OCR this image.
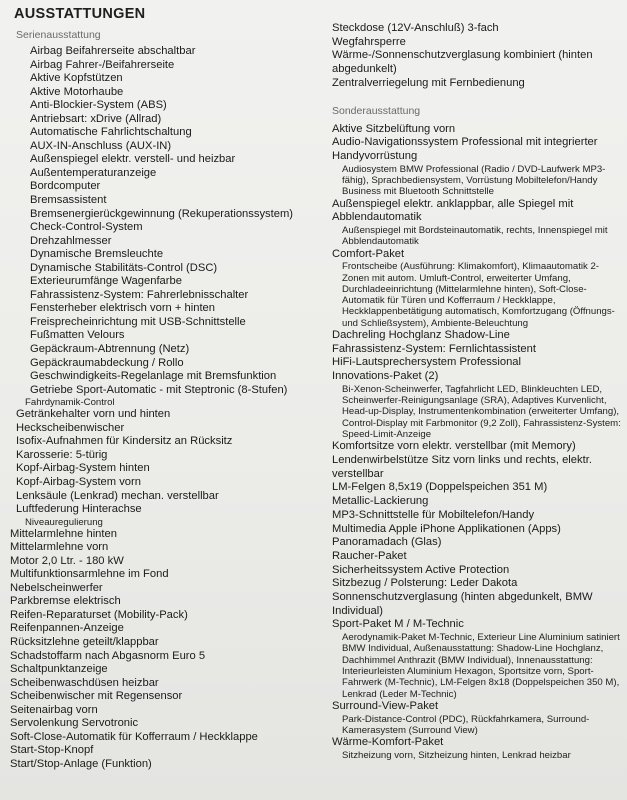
AUSSTATTUNGEN
Serienausstattung
Airbag Beifahrerseite abschaltbar
Airbag Fahrer-/Beifahrerseite
Aktive Kopfstützen
Aktive Motorhaube
Anti-Blockier-System (ABS)
Antriebsart: xDrive (Allrad)
Automatische Fahrlichtschaltung
AUX-IN-Anschluss (AUX-IN)
Außenspiegel elektr. verstell- und heizbar
Außentemperaturanzeige
Bordcomputer
Bremsassistent
Bremsenergierückgewinnung (Rekuperationssystem)
Check-Control-System
Drehzahlmesser
Dynamische Bremsleuchte
Dynamische Stabilitäts-Control (DSC)
Exterieurumfänge Wagenfarbe
Fahrassistenz-System: Fahrerlebnisschalter
Fensterheber elektrisch vorn + hinten
Freisprecheinrichtung mit USB-Schnittstelle
Fußmatten Velours
Gepäckraum-Abtrennung (Netz)
Gepäckraumabdeckung / Rollo
Geschwindigkeits-Regelanlage mit Bremsfunktion
Getriebe Sport-Automatic - mit Steptronic (8-Stufen)
Fahrdynamik-Control
Getränkehalter vorn und hinten
Heckscheibenwischer
Isofix-Aufnahmen für Kindersitz an Rücksitz
Karosserie: 5-türig
Kopf-Airbag-System hinten
Kopf-Airbag-System vorn
Lenksäule (Lenkrad) mechan. verstellbar
Luftfederung Hinterachse
Niveauregulierung
Mittelarmlehne hinten
Mittelarmlehne vorn
Motor 2,0 Ltr. - 180 kW
Multifunktionsarmlehne im Fond
Nebelscheinwerfer
Parkbremse elektrisch
Reifen-Reparaturset (Mobility-Pack)
Reifenpannen-Anzeige
Rücksitzlehne geteilt/klappbar
Schadstoffarm nach Abgasnorm Euro 5
Schaltpunktanzeige
Scheibenwaschdüsen heizbar
Scheibenwischer mit Regensensor
Seitenairbag vorn
Servolenkung Servotronic
Soft-Close-Automatik für Kofferraum / Heckklappe
Start-Stop-Knopf
Start/Stop-Anlage (Funktion)
Steckdose (12V-Anschluß) 3-fach
Wegfahrsperre
Wärme-/Sonnenschutzverglasung kombiniert (hinten abgedunkelt)
Zentralverriegelung mit Fernbedienung
Sonderausstattung
Aktive Sitzbelüftung vorn
Audio-Navigationssystem Professional mit integrierter Handyvorrüstung
Audiosystem BMW Professional (Radio / DVD-Laufwerk MP3-fähig), Sprachbediensystem, Vorrüstung Mobiltelefon/Handy Business mit Bluetooth Schnittstelle
Außenspiegel elektr. anklappbar, alle Spiegel mit Abblendautomatik
Außenspiegel mit Bordsteinautomatik, rechts, Innenspiegel mit Abblendautomatik
Comfort-Paket
Frontscheibe (Ausführung: Klimakomfort), Klimaautomatik 2-Zonen mit autom. Umluft-Control, erweiterter Umfang, Durchladeeinrichtung (Mittelarmlehne hinten), Soft-Close-Automatik für Türen und Kofferraum / Heckklappe, Heckklappenbetätigung automatisch, Komfortzugang (Öffnungs- und Schließsystem), Ambiente-Beleuchtung
Dachreling Hochglanz Shadow-Line
Fahrassistenz-System: Fernlichtassistent
HiFi-Lautsprechersystem Professional
Innovations-Paket (2)
Bi-Xenon-Scheinwerfer, Tagfahrlicht LED, Blinkleuchten LED, Scheinwerfer-Reinigungsanlage (SRA), Adaptives Kurvenlicht, Head-up-Display, Instrumentenkombination (erweiterter Umfang), Control-Display mit Farbmonitor (9,2 Zoll), Fahrassistenz-System: Speed-Limit-Anzeige
Komfortsitze vorn elektr. verstellbar (mit Memory)
Lendenwirbelstütze Sitz vorn links und rechts, elektr. verstellbar
LM-Felgen 8,5x19 (Doppelspeichen 351 M)
Metallic-Lackierung
MP3-Schnittstelle für Mobiltelefon/Handy
Multimedia Apple iPhone Applikationen (Apps)
Panoramadach (Glas)
Raucher-Paket
Sicherheitssystem Active Protection
Sitzbezug / Polsterung: Leder Dakota
Sonnenschutzverglasung (hinten abgedunkelt, BMW Individual)
Sport-Paket M / M-Technic
Aerodynamik-Paket M-Technic, Exterieur Line Aluminium satiniert BMW Individual, Außenausstattung: Shadow-Line Hochglanz, Dachhimmel Anthrazit (BMW Individual), Innenausstattung: Interieurleisten Aluminium Hexagon, Sportsitze vorn, Sport-Fahrwerk (M-Technic), LM-Felgen 8x18 (Doppelspeichen 350 M), Lenkrad (Leder M-Technic)
Surround-View-Paket
Park-Distance-Control (PDC), Rückfahrkamera, Surround-Kamerasystem (Surround View)
Wärme-Komfort-Paket
Sitzheizung vorn, Sitzheizung hinten, Lenkrad heizbar
